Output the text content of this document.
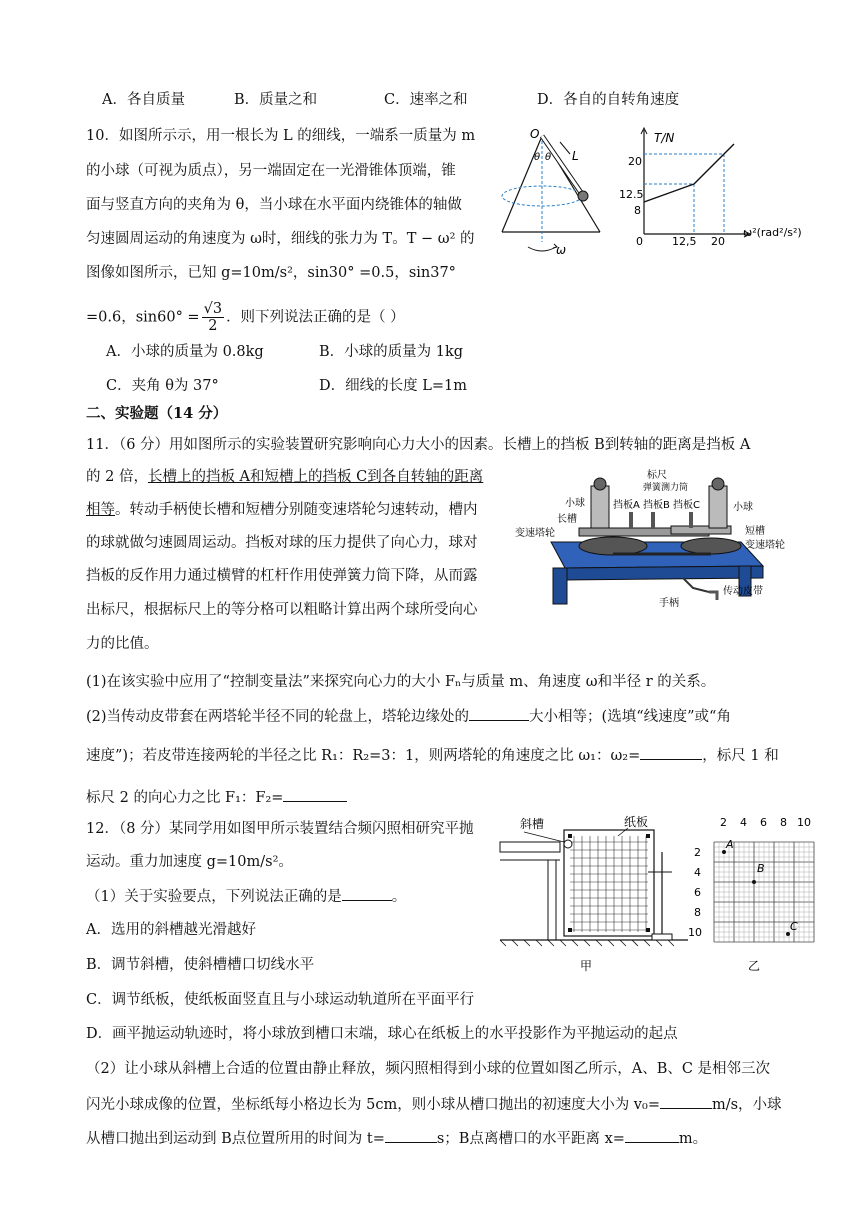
A．各自质量	B．质量之和	C．速率之和	D．各自的自转角速度
10．如图所示示，用一根长为 L 的细线，一端系一质量为 m
的小球（可视为质点），另一端固定在一光滑锥体顶端，锥
面与竖直方向的夹角为 θ，当小球在水平面内绕锥体的轴做
匀速圆周运动的角速度为 ω时，细线的张力为 T。T − ω² 的
图像如图所示，已知 g=10m/s²，sin30° =0.5，sin37°
=0.6，$\sin 60^\circ = \frac{√3}{2}$ ．则下列说法正确的是（ ）
A．小球的质量为 0.8kg	B．小球的质量为 1kg
C．夹角 θ为 37°	D．细线的长度 L=1m
O
θ θ L
ω
T/N
ω²(rad²/s²)
0
20
12.5
8
12,5 20
二、实验题（14 分）
11．（6 分）用如图所示的实验装置研究影响向心力大小的因素。长槽上的挡板 B到转轴的距离是挡板 A
的 2 倍，长槽上的挡板 A和短槽上的挡板 C到各自转轴的距离
相等。转动手柄使长槽和短槽分别随变速塔轮匀速转动，槽内
的球就做匀速圆周运动。挡板对球的压力提供了向心力，球对
挡板的反作用力通过横臂的杠杆作用使弹簧力筒下降，从而露
出标尺，根据标尺上的等分格可以粗略计算出两个球所受向心
力的比值。
标尺
弹簧测力筒
小球	挡板A 挡板B 挡板C	小球
长槽
变速塔轮	短槽
变速塔轮
传动皮带
手柄
(1)在该实验中应用了“控制变量法”来探究向心力的大小 Fₙ与质量 m、角速度 ω和半径 r 的关系。
(2)当传动皮带套在两塔轮半径不同的轮盘上，塔轮边缘处的	大小相等；(选填“线速度”或“角
速度”)；若皮带连接两轮的半径之比 R₁：R₂=3：1，则两塔轮的角速度之比 ω₁：ω₂=	，标尺 1 和
标尺 2 的向心力之比 F₁：F₂=
12．（8 分）某同学用如图甲所示装置结合频闪照相研究平抛
运动。重力加速度 g=10m/s²。
（1）关于实验要点，下列说法正确的是	。
A．选用的斜槽越光滑越好
B．调节斜槽，使斜槽槽口切线水平
C．调节纸板，使纸板面竖直且与小球运动轨道所在平面平行
D．画平抛运动轨迹时，将小球放到槽口末端，球心在纸板上的水平投影作为平抛运动的起点
（2）让小球从斜槽上合适的位置由静止释放，频闪照相得到小球的位置如图乙所示，A、B、C 是相邻三次
闪光小球成像的位置，坐标纸每小格边长为 5cm，则小球从槽口抛出的初速度大小为 v₀=	m/s，小球
从槽口抛出到运动到 B点位置所用的时间为 t=	s；B点离槽口的水平距离 x=	m。
斜槽	纸板
甲
2 4 6 8 10
2
4
6
8
10
A
B
C
乙
